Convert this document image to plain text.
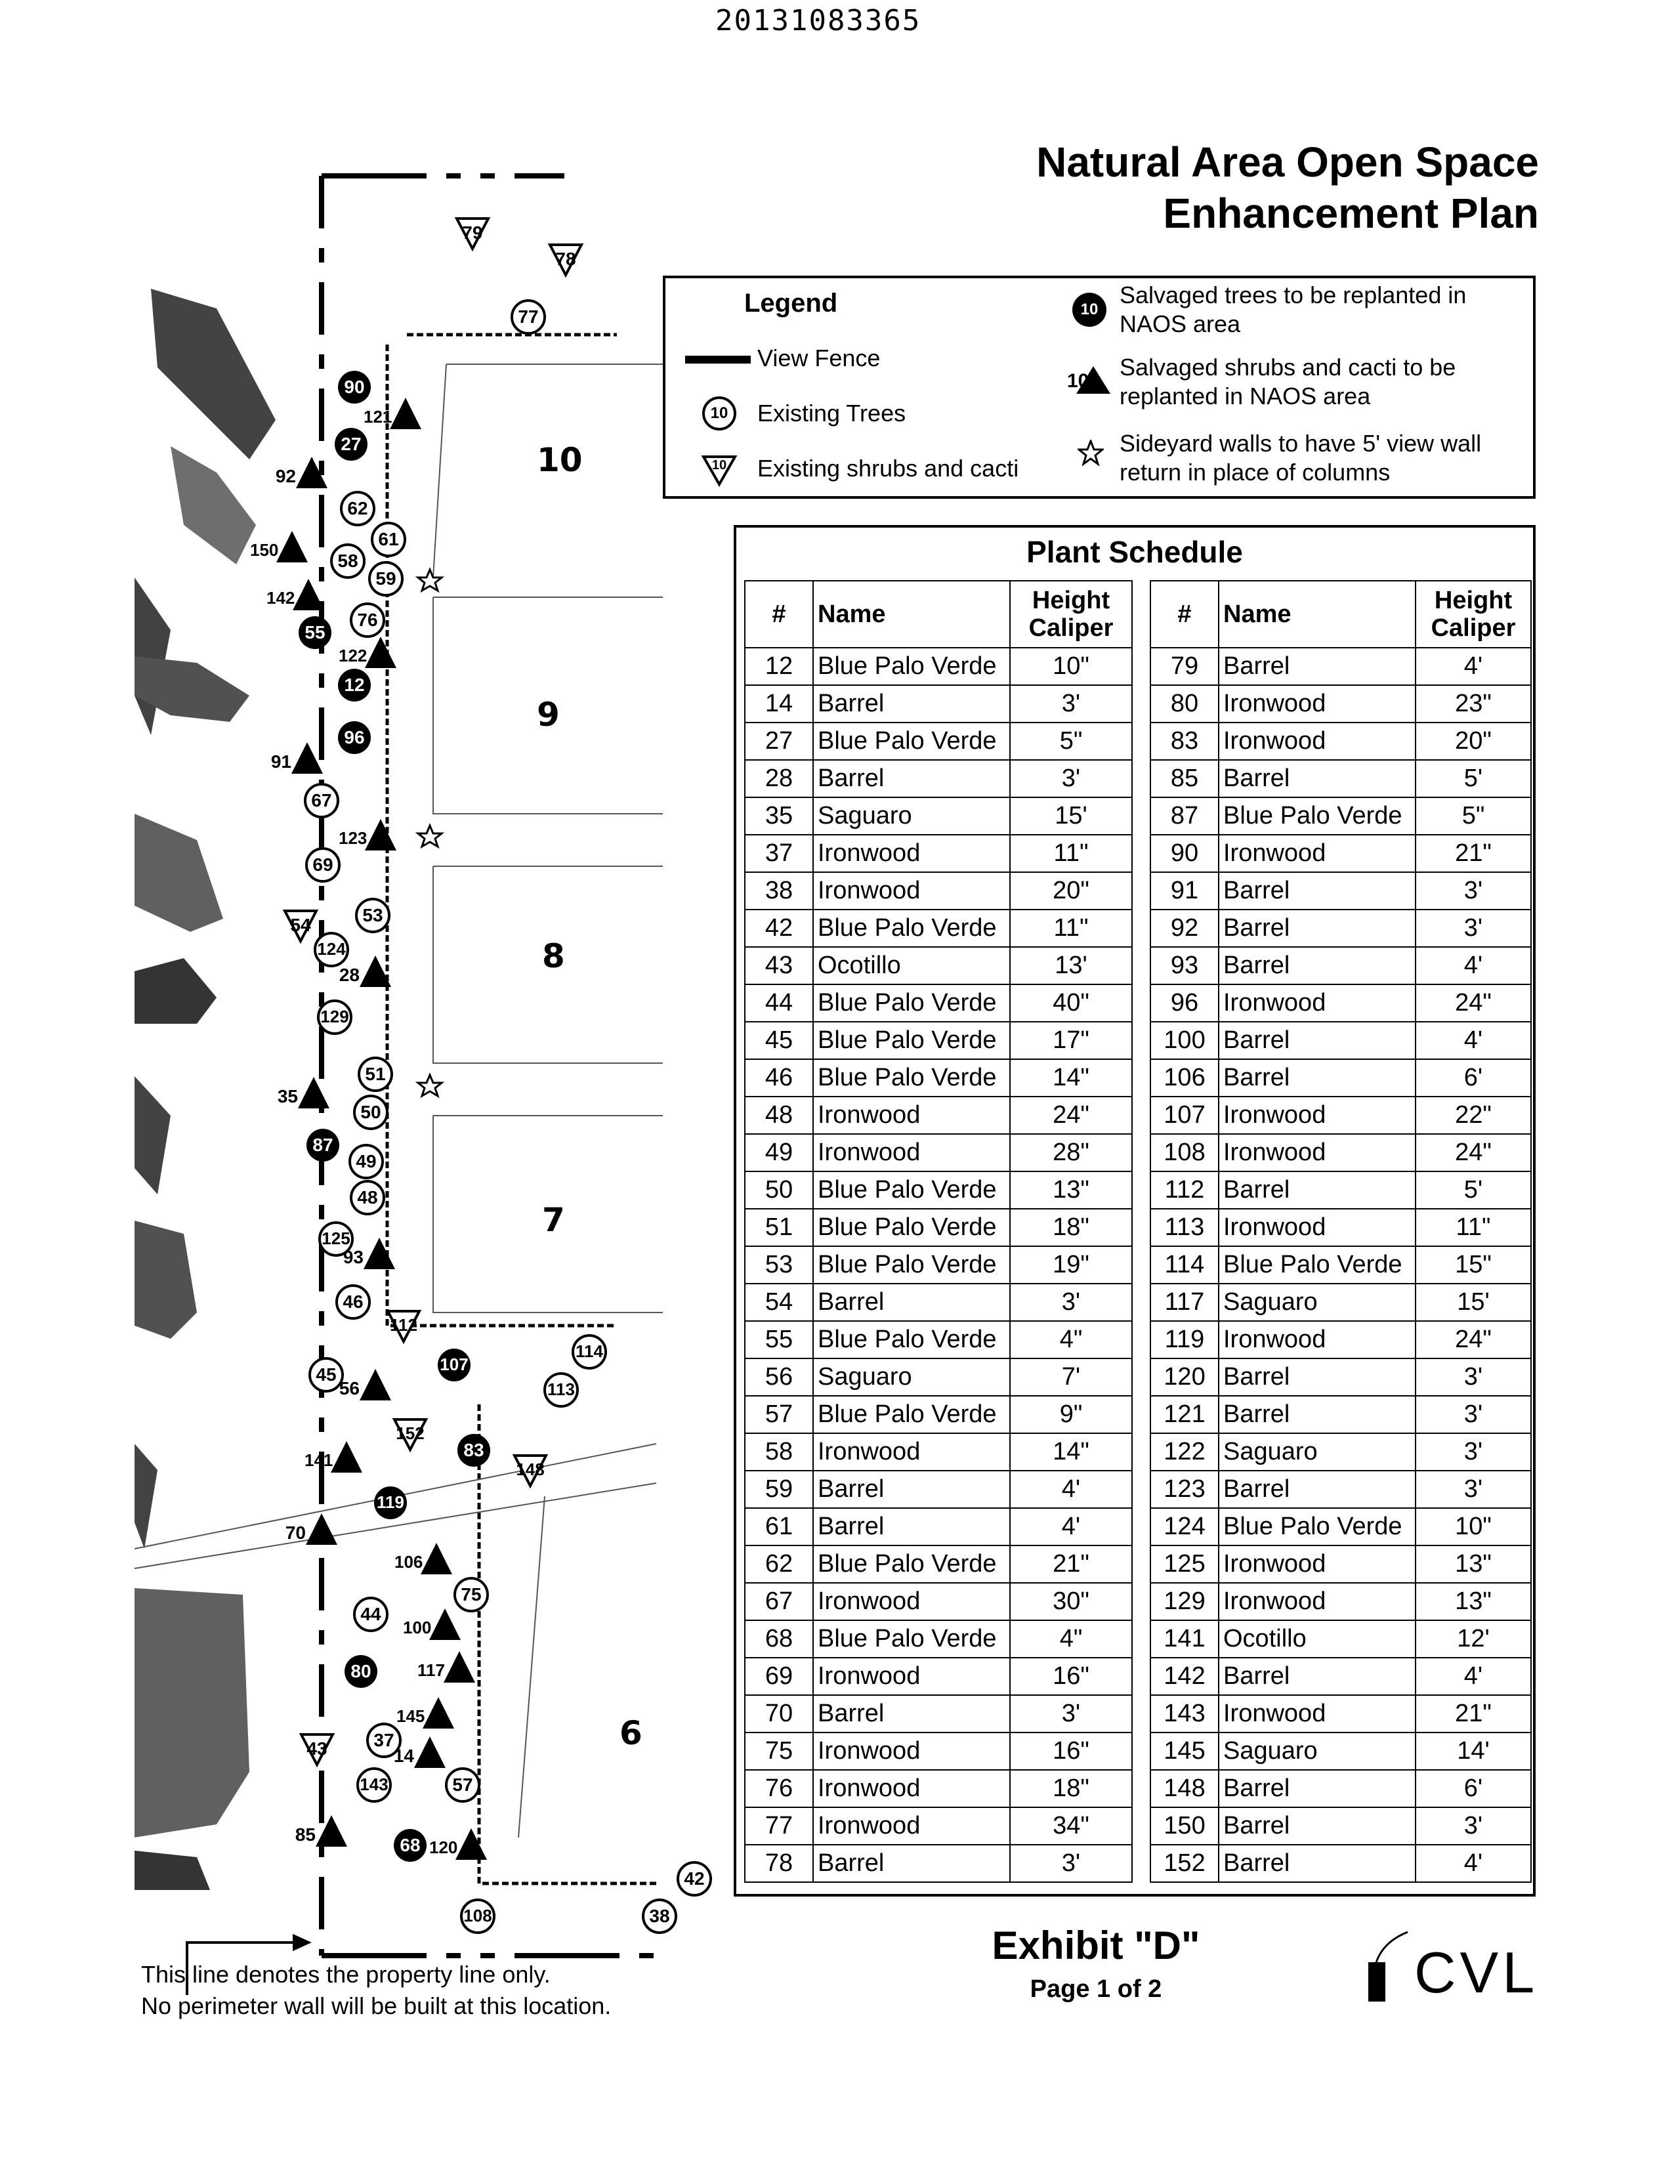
20131083365
Natural Area Open Space
Enhancement Plan
Legend
View Fence
10	Existing Trees
10	Existing shrubs and cacti
10
Salvaged trees to be replanted in NAOS area
10
Salvaged shrubs and cacti to be replanted in NAOS area
Sideyard walls to have 5' view wall return in place of columns
Plant Schedule
#	Name	Height
Caliper
12	Blue Palo Verde	10"
14	Barrel	3'
27	Blue Palo Verde	5"
28	Barrel	3'
35	Saguaro	15'
37	Ironwood	11"
38	Ironwood	20"
42	Blue Palo Verde	11"
43	Ocotillo	13'
44	Blue Palo Verde	40"
45	Blue Palo Verde	17"
46	Blue Palo Verde	14"
48	Ironwood	24"
49	Ironwood	28"
50	Blue Palo Verde	13"
51	Blue Palo Verde	18"
53	Blue Palo Verde	19"
54	Barrel	3'
55	Blue Palo Verde	4"
56	Saguaro	7'
57	Blue Palo Verde	9"
58	Ironwood	14"
59	Barrel	4'
61	Barrel	4'
62	Blue Palo Verde	21"
67	Ironwood	30"
68	Blue Palo Verde	4"
69	Ironwood	16"
70	Barrel	3'
75	Ironwood	16"
76	Ironwood	18"
77	Ironwood	34"
78	Barrel	3'
#	Name	Height
Caliper
79	Barrel	4'
80	Ironwood	23"
83	Ironwood	20"
85	Barrel	5'
87	Blue Palo Verde	5"
90	Ironwood	21"
91	Barrel	3'
92	Barrel	3'
93	Barrel	4'
96	Ironwood	24"
100	Barrel	4'
106	Barrel	6'
107	Ironwood	22"
108	Ironwood	24"
112	Barrel	5'
113	Ironwood	11"
114	Blue Palo Verde	15"
117	Saguaro	15'
119	Ironwood	24"
120	Barrel	3'
121	Barrel	3'
122	Saguaro	3'
123	Barrel	3'
124	Blue Palo Verde	10"
125	Ironwood	13"
129	Ironwood	13"
141	Ocotillo	12'
142	Barrel	4'
143	Ironwood	21"
145	Saguaro	14'
148	Barrel	6'
150	Barrel	3'
152	Barrel	4'
10
9
8
7
6
79
78
77
90
121
27
92
62
61
150
58
59
142
76
55
122
12
96
91
67
123
69
54	53
124
28
129
51
35
50
87
49
48
125
93
46
112
107
114
113
45
56
152
83
148
141
119
70
106
75
44
100
117
80
145
43	37
14
143	57
85
68 120
42
108	38
This line denotes the property line only.
No perimeter wall will be built at this location.
Exhibit "D"
Page 1 of 2	CVL
